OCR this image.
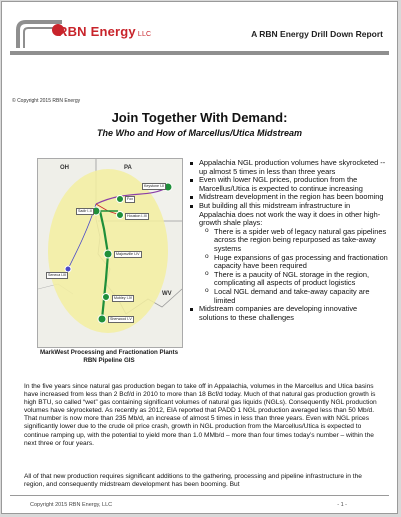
RBN Energy LLC	A RBN Energy Drill Down Report
© Copyright 2015 RBN Energy
Join Together With Demand:
The Who and How of Marcellus/Utica Midstream
OH	PA
WV
Keystone I-II
Fox
Sadir I-II
Houston I-III
Majorsville I-IV
Seneca I-III
Mobley I-IV
Sherwood I-V
MarkWest Processing and Fractionation Plants
RBN Pipeline GIS
Appalachia NGL production volumes have skyrocketed -- up almost 5 times in less than three years
Even with lower NGL prices, production from the Marcellus/Utica is expected to continue increasing
Midstream development in the region has been booming
But building all this midstream infrastructure in Appalachia does not work the way it does in other high-growth shale plays:
o There is a spider web of legacy natural gas pipelines across the region being repurposed as take-away systems
o Huge expansions of gas processing and fractionation capacity have been required
o There is a paucity of NGL storage in the region, complicating all aspects of product logistics
o Local NGL demand and take-away capacity are limited
Midstream companies are developing innovative solutions to these challenges
In the five years since natural gas production began to take off in Appalachia, volumes in the Marcellus and Utica basins have increased from less than 2 Bcf/d in 2010 to more than 18 Bcf/d today. Much of that natural gas production growth is high BTU, so called “wet” gas containing significant volumes of natural gas liquids (NGLs). Consequently NGL production volumes have skyrocketed. As recently as 2012, EIA reported that PADD 1 NGL production averaged less than 50 Mb/d. That number is now more than 235 Mb/d, an increase of almost 5 times in less than three years. Even with NGL prices significantly lower due to the crude oil price crash, growth in NGL production from the Marcellus/Utica is expected to continue ramping up, with the potential to yield more than 1.0 MMb/d – more than four times today’s number – within the next three or four years.
All of that new production requires significant additions to the gathering, processing and pipeline infrastructure in the region, and consequently midstream development has been booming. But
Copyright 2015 RBN Energy, LLC	- 1 -
